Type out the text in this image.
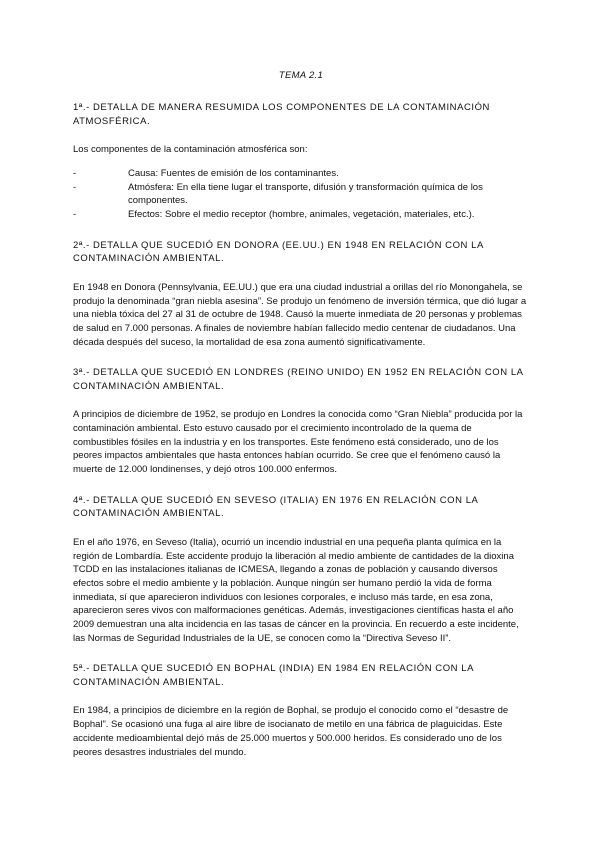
TEMA 2.1

1ª.- DETALLA DE MANERA RESUMIDA LOS COMPONENTES DE LA CONTAMINACIÓN ATMOSFÉRICA.

Los componentes de la contaminación atmosférica son:

-	Causa: Fuentes de emisión de los contaminantes.
-	Atmósfera: En ella tiene lugar el transporte, difusión y transformación química de los componentes.
-	Efectos: Sobre el medio receptor (hombre, animales, vegetación, materiales, etc.).

2ª.- DETALLA QUE SUCEDIÓ EN DONORA (EE.UU.) EN 1948 EN RELACIÓN CON LA CONTAMINACIÓN AMBIENTAL.

En 1948 en Donora (Pennsylvania, EE.UU.) que era una ciudad industrial a orillas del río Monongahela, se produjo la denominada “gran niebla asesina”. Se produjo un fenómeno de inversión térmica, que dió lugar a una niebla tóxica del 27 al 31 de octubre de 1948. Causó la muerte inmediata de 20 personas y problemas de salud en 7.000 personas. A finales de noviembre habían fallecido medio centenar de ciudadanos. Una década después del suceso, la mortalidad de esa zona aumentó significativamente.

3ª.- DETALLA QUE SUCEDIÓ EN LONDRES (REINO UNIDO) EN 1952 EN RELACIÓN CON LA CONTAMINACIÓN AMBIENTAL.

A principios de diciembre de 1952, se produjo en Londres la conocida como “Gran Niebla” producida por la contaminación ambiental. Esto estuvo causado por el crecimiento incontrolado de la quema de combustibles fósiles en la industria y en los transportes. Este fenómeno está considerado, uno de los peores impactos ambientales que hasta entonces habían ocurrido. Se cree que el fenómeno causó la muerte de 12.000 londinenses, y dejó otros 100.000 enfermos.

4ª.- DETALLA QUE SUCEDIÓ EN SEVESO (ITALIA) EN 1976 EN RELACIÓN CON LA CONTAMINACIÓN AMBIENTAL.

En el año 1976, en Seveso (Italia), ocurrió un incendio industrial en una pequeña planta química en la región de Lombardía. Este accidente produjo la liberación al medio ambiente de cantidades de la dioxina TCDD en las instalaciones italianas de ICMESA, llegando a zonas de población y causando diversos efectos sobre el medio ambiente y la población. Aunque ningún ser humano perdió la vida de forma inmediata, sí que aparecieron individuos con lesiones corporales, e incluso más tarde, en esa zona, aparecieron seres vivos con malformaciones genéticas. Además, investigaciones científicas hasta el año 2009 demuestran una alta incidencia en las tasas de cáncer en la provincia. En recuerdo a este incidente, las Normas de Seguridad Industriales de la UE, se conocen como la “Directiva Seveso II”.

5ª.- DETALLA QUE SUCEDIÓ EN BOPHAL (INDIA) EN 1984 EN RELACIÓN CON LA CONTAMINACIÓN AMBIENTAL.

En 1984, a principios de diciembre en la región de Bophal, se produjo el conocido como el “desastre de Bophal”. Se ocasionó una fuga al aire libre de isocianato de metilo en una fábrica de plaguicidas. Este accidente medioambiental dejó más de 25.000 muertos y 500.000 heridos. Es considerado uno de los peores desastres industriales del mundo.
